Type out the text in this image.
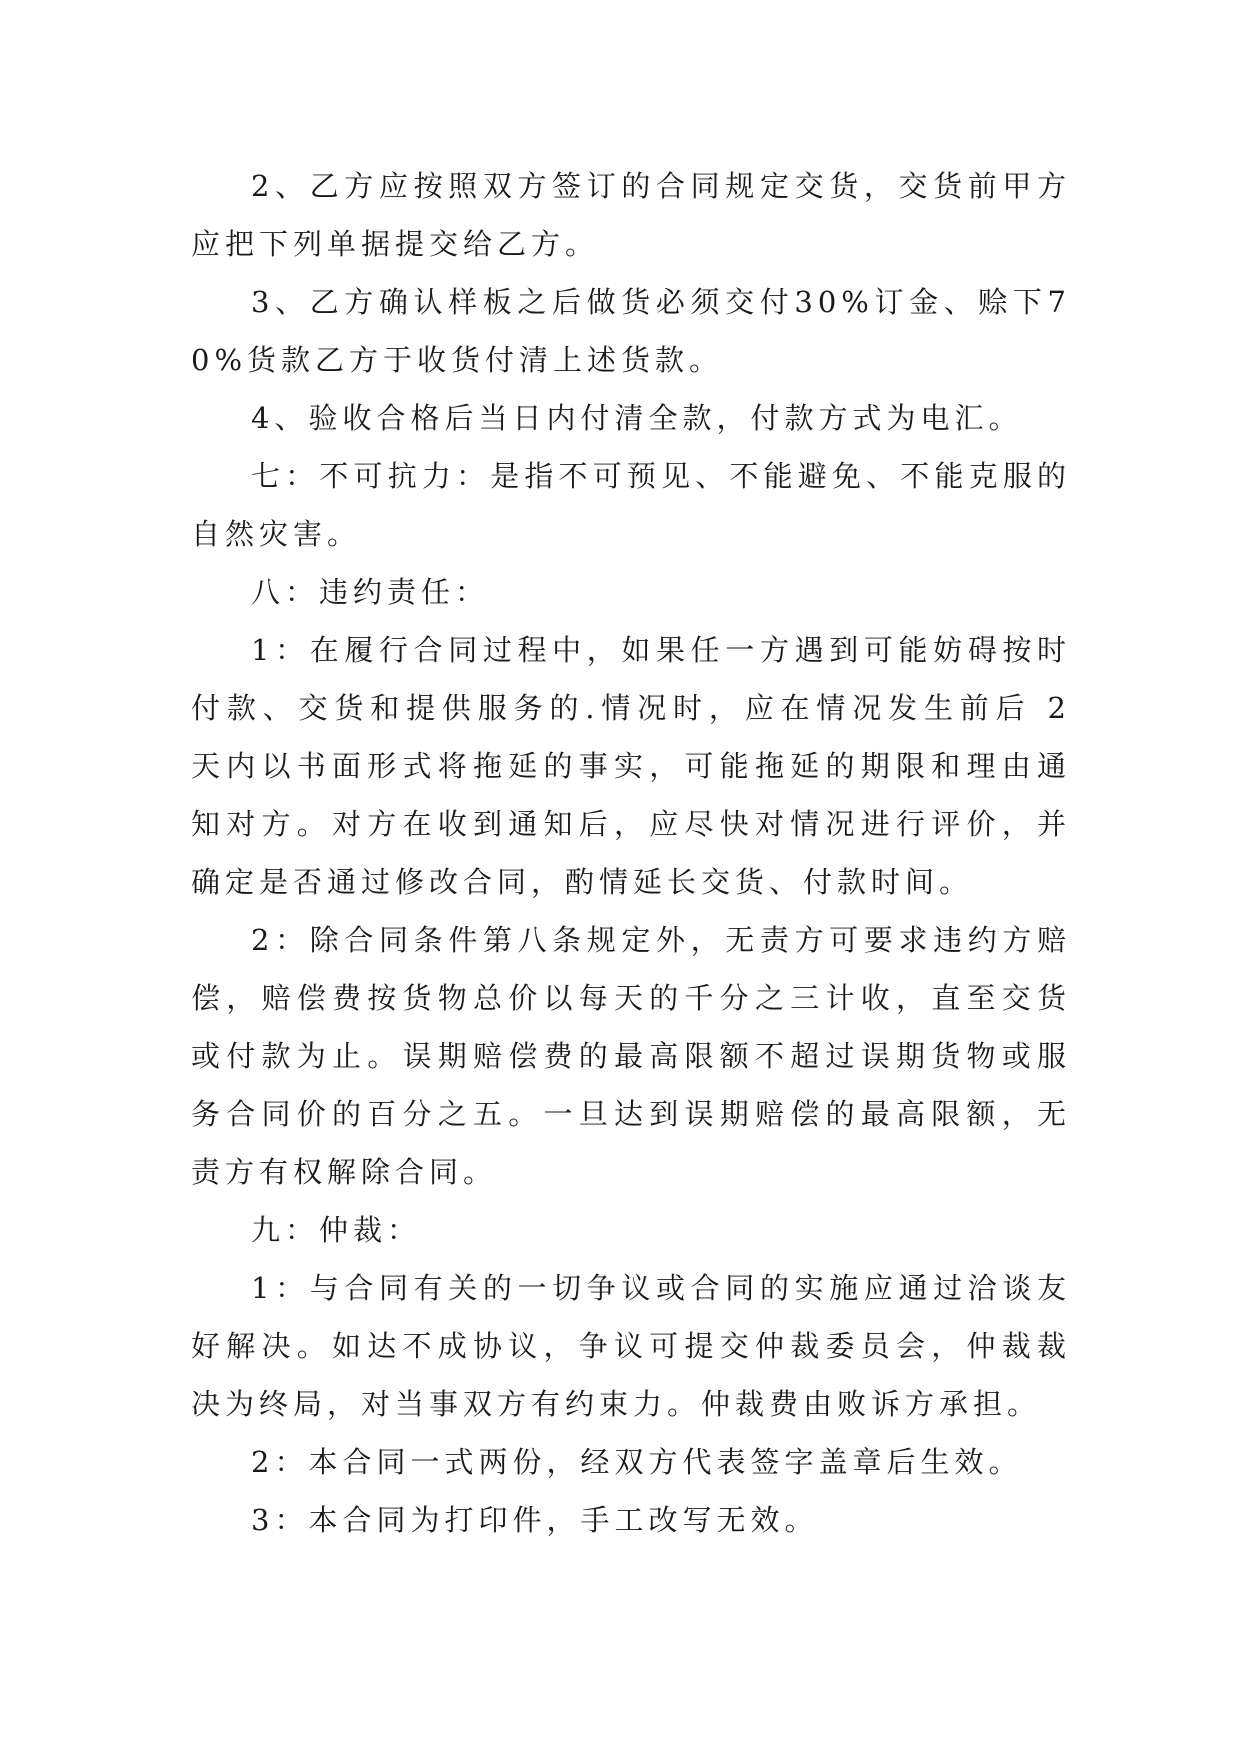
2、乙方应按照双方签订的合同规定交货，交货前甲方应把下列单据提交给乙方。

3、乙方确认样板之后做货必须交付30%订金、赊下70%货款乙方于收货付清上述货款。

4、验收合格后当日内付清全款，付款方式为电汇。

七：不可抗力：是指不可预见、不能避免、不能克服的自然灾害。

八：违约责任：

1：在履行合同过程中，如果任一方遇到可能妨碍按时付款、交货和提供服务的.情况时，应在情况发生前后 2 天内以书面形式将拖延的事实，可能拖延的期限和理由通知对方。对方在收到通知后，应尽快对情况进行评价，并确定是否通过修改合同，酌情延长交货、付款时间。

2：除合同条件第八条规定外，无责方可要求违约方赔偿，赔偿费按货物总价以每天的千分之三计收，直至交货或付款为止。误期赔偿费的最高限额不超过误期货物或服务合同价的百分之五。一旦达到误期赔偿的最高限额，无责方有权解除合同。

九：仲裁：

1：与合同有关的一切争议或合同的实施应通过洽谈友好解决。如达不成协议，争议可提交仲裁委员会，仲裁裁决为终局，对当事双方有约束力。仲裁费由败诉方承担。

2：本合同一式两份，经双方代表签字盖章后生效。

3：本合同为打印件，手工改写无效。
